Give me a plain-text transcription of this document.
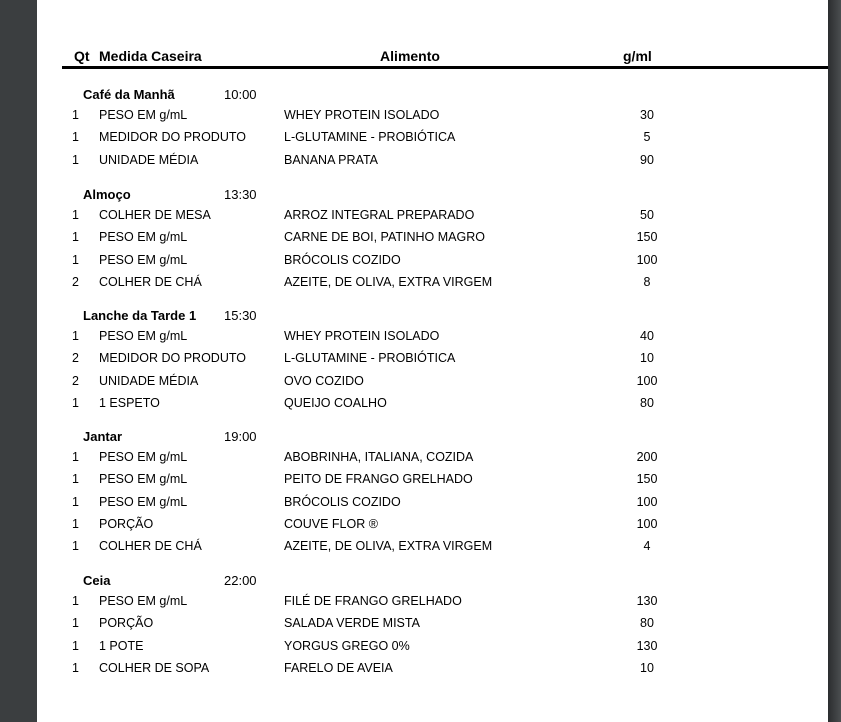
Qt Medida Caseira	Alimento	g/ml
Café da Manhã	10:00
1 PESO EM g/mL	WHEY PROTEIN ISOLADO	30
1 MEDIDOR DO PRODUTO	L-GLUTAMINE - PROBIÓTICA	5
1 UNIDADE MÉDIA	BANANA PRATA	90
Almoço	13:30
1 COLHER DE MESA	ARROZ INTEGRAL PREPARADO	50
1 PESO EM g/mL	CARNE DE BOI, PATINHO MAGRO	150
1 PESO EM g/mL	BRÓCOLIS COZIDO	100
2 COLHER DE CHÁ	AZEITE, DE OLIVA, EXTRA VIRGEM	8
Lanche da Tarde 1 15:30
1 PESO EM g/mL	WHEY PROTEIN ISOLADO	40
2 MEDIDOR DO PRODUTO	L-GLUTAMINE - PROBIÓTICA	10
2 UNIDADE MÉDIA	OVO COZIDO	100
1 1 ESPETO	QUEIJO COALHO	80
Jantar	19:00
1 PESO EM g/mL	ABOBRINHA, ITALIANA, COZIDA	200
1 PESO EM g/mL	PEITO DE FRANGO GRELHADO	150
1 PESO EM g/mL	BRÓCOLIS COZIDO	100
1 PORÇÃO	COUVE FLOR ®	100
1 COLHER DE CHÁ	AZEITE, DE OLIVA, EXTRA VIRGEM	4
Ceia	22:00
1 PESO EM g/mL	FILÉ DE FRANGO GRELHADO	130
1 PORÇÃO	SALADA VERDE MISTA	80
1 1 POTE	YORGUS GREGO 0%	130
1 COLHER DE SOPA	FARELO DE AVEIA	10
